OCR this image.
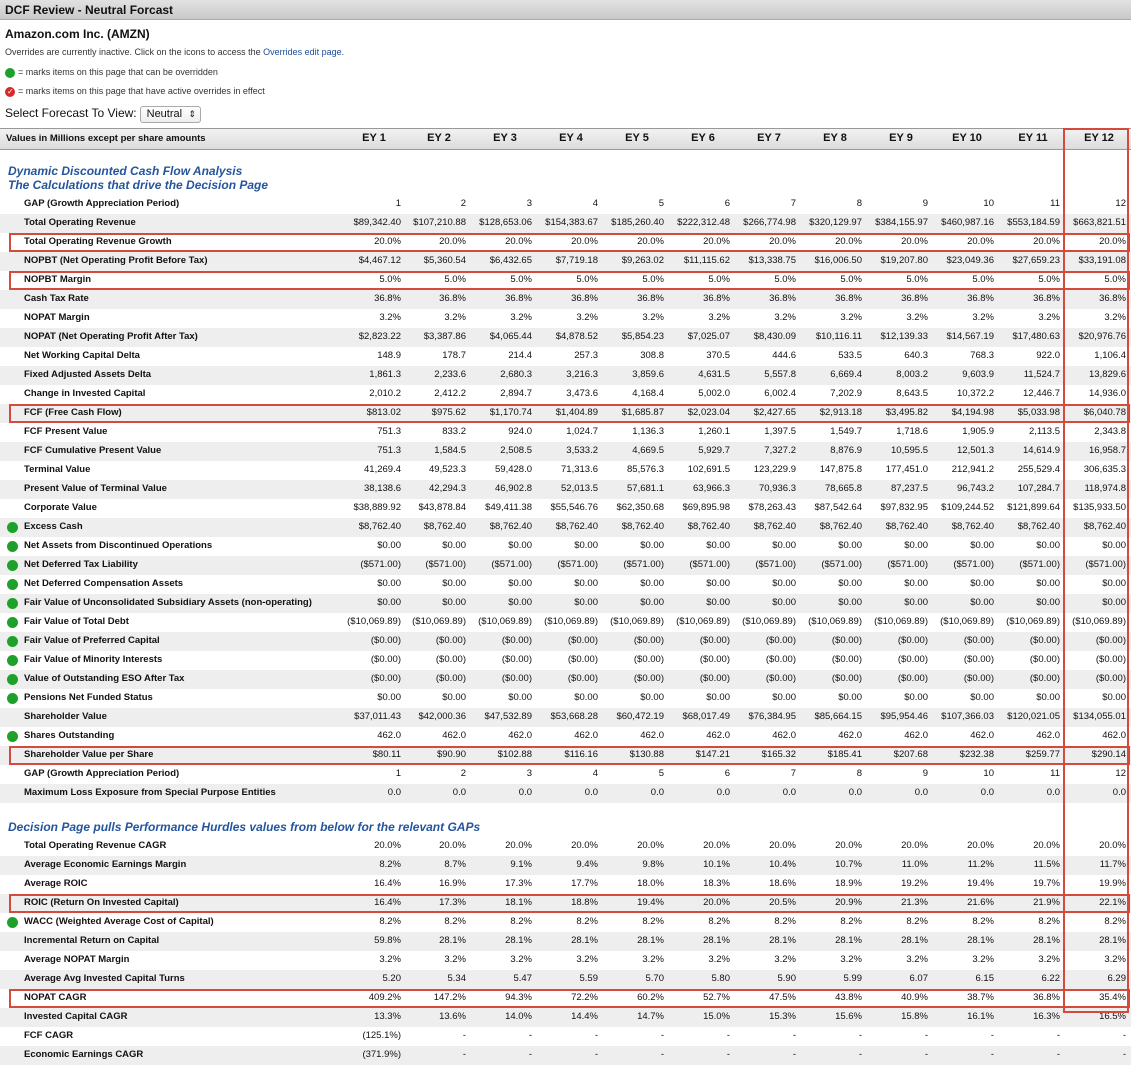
DCF Review - Neutral Forcast
Amazon.com Inc. (AMZN)
Overrides are currently inactive. Click on the icons to access the Overrides edit page.
= marks items on this page that can be overridden
✓= marks items on this page that have active overrides in effect
Select Forecast To View: Neutral ⇕
Values in Millions except per share amounts	EY 1	EY 2	EY 3	EY 4	EY 5	EY 6	EY 7	EY 8	EY 9	EY 10	EY 11	EY 12
Dynamic Discounted Cash Flow Analysis
The Calculations that drive the Decision Page
GAP (Growth Appreciation Period)	1	2	3	4	5	6	7	8	9	10	11	12
Total Operating Revenue	$89,342.40	$107,210.88	$128,653.06	$154,383.67	$185,260.40	$222,312.48	$266,774.98	$320,129.97	$384,155.97	$460,987.16	$553,184.59	$663,821.51
Total Operating Revenue Growth	20.0%	20.0%	20.0%	20.0%	20.0%	20.0%	20.0%	20.0%	20.0%	20.0%	20.0%	20.0%
NOPBT (Net Operating Profit Before Tax)	$4,467.12	$5,360.54	$6,432.65	$7,719.18	$9,263.02	$11,115.62	$13,338.75	$16,006.50	$19,207.80	$23,049.36	$27,659.23	$33,191.08
NOPBT Margin	5.0%	5.0%	5.0%	5.0%	5.0%	5.0%	5.0%	5.0%	5.0%	5.0%	5.0%	5.0%
Cash Tax Rate	36.8%	36.8%	36.8%	36.8%	36.8%	36.8%	36.8%	36.8%	36.8%	36.8%	36.8%	36.8%
NOPAT Margin	3.2%	3.2%	3.2%	3.2%	3.2%	3.2%	3.2%	3.2%	3.2%	3.2%	3.2%	3.2%
NOPAT (Net Operating Profit After Tax)	$2,823.22	$3,387.86	$4,065.44	$4,878.52	$5,854.23	$7,025.07	$8,430.09	$10,116.11	$12,139.33	$14,567.19	$17,480.63	$20,976.76
Net Working Capital Delta	148.9	178.7	214.4	257.3	308.8	370.5	444.6	533.5	640.3	768.3	922.0	1,106.4
Fixed Adjusted Assets Delta	1,861.3	2,233.6	2,680.3	3,216.3	3,859.6	4,631.5	5,557.8	6,669.4	8,003.2	9,603.9	11,524.7	13,829.6
Change in Invested Capital	2,010.2	2,412.2	2,894.7	3,473.6	4,168.4	5,002.0	6,002.4	7,202.9	8,643.5	10,372.2	12,446.7	14,936.0
FCF (Free Cash Flow)	$813.02	$975.62	$1,170.74	$1,404.89	$1,685.87	$2,023.04	$2,427.65	$2,913.18	$3,495.82	$4,194.98	$5,033.98	$6,040.78
FCF Present Value	751.3	833.2	924.0	1,024.7	1,136.3	1,260.1	1,397.5	1,549.7	1,718.6	1,905.9	2,113.5	2,343.8
FCF Cumulative Present Value	751.3	1,584.5	2,508.5	3,533.2	4,669.5	5,929.7	7,327.2	8,876.9	10,595.5	12,501.3	14,614.9	16,958.7
Terminal Value	41,269.4	49,523.3	59,428.0	71,313.6	85,576.3	102,691.5	123,229.9	147,875.8	177,451.0	212,941.2	255,529.4	306,635.3
Present Value of Terminal Value	38,138.6	42,294.3	46,902.8	52,013.5	57,681.1	63,966.3	70,936.3	78,665.8	87,237.5	96,743.2	107,284.7	118,974.8
Corporate Value	$38,889.92	$43,878.84	$49,411.38	$55,546.76	$62,350.68	$69,895.98	$78,263.43	$87,542.64	$97,832.95	$109,244.52	$121,899.64	$135,933.50
Excess Cash	$8,762.40	$8,762.40	$8,762.40	$8,762.40	$8,762.40	$8,762.40	$8,762.40	$8,762.40	$8,762.40	$8,762.40	$8,762.40	$8,762.40
Net Assets from Discontinued Operations	$0.00	$0.00	$0.00	$0.00	$0.00	$0.00	$0.00	$0.00	$0.00	$0.00	$0.00	$0.00
Net Deferred Tax Liability	($571.00)	($571.00)	($571.00)	($571.00)	($571.00)	($571.00)	($571.00)	($571.00)	($571.00)	($571.00)	($571.00)	($571.00)
Net Deferred Compensation Assets	$0.00	$0.00	$0.00	$0.00	$0.00	$0.00	$0.00	$0.00	$0.00	$0.00	$0.00	$0.00
Fair Value of Unconsolidated Subsidiary Assets (non-operating)	$0.00	$0.00	$0.00	$0.00	$0.00	$0.00	$0.00	$0.00	$0.00	$0.00	$0.00	$0.00
Fair Value of Total Debt	($10,069.89)	($10,069.89)	($10,069.89)	($10,069.89)	($10,069.89)	($10,069.89)	($10,069.89)	($10,069.89)	($10,069.89)	($10,069.89)	($10,069.89)	($10,069.89)
Fair Value of Preferred Capital	($0.00)	($0.00)	($0.00)	($0.00)	($0.00)	($0.00)	($0.00)	($0.00)	($0.00)	($0.00)	($0.00)	($0.00)
Fair Value of Minority Interests	($0.00)	($0.00)	($0.00)	($0.00)	($0.00)	($0.00)	($0.00)	($0.00)	($0.00)	($0.00)	($0.00)	($0.00)
Value of Outstanding ESO After Tax	($0.00)	($0.00)	($0.00)	($0.00)	($0.00)	($0.00)	($0.00)	($0.00)	($0.00)	($0.00)	($0.00)	($0.00)
Pensions Net Funded Status	$0.00	$0.00	$0.00	$0.00	$0.00	$0.00	$0.00	$0.00	$0.00	$0.00	$0.00	$0.00
Shareholder Value	$37,011.43	$42,000.36	$47,532.89	$53,668.28	$60,472.19	$68,017.49	$76,384.95	$85,664.15	$95,954.46	$107,366.03	$120,021.05	$134,055.01
Shares Outstanding	462.0	462.0	462.0	462.0	462.0	462.0	462.0	462.0	462.0	462.0	462.0	462.0
Shareholder Value per Share	$80.11	$90.90	$102.88	$116.16	$130.88	$147.21	$165.32	$185.41	$207.68	$232.38	$259.77	$290.14
GAP (Growth Appreciation Period)	1	2	3	4	5	6	7	8	9	10	11	12
Maximum Loss Exposure from Special Purpose Entities	0.0	0.0	0.0	0.0	0.0	0.0	0.0	0.0	0.0	0.0	0.0	0.0
Decision Page pulls Performance Hurdles values from below for the relevant GAPs
Total Operating Revenue CAGR	20.0%	20.0%	20.0%	20.0%	20.0%	20.0%	20.0%	20.0%	20.0%	20.0%	20.0%	20.0%
Average Economic Earnings Margin	8.2%	8.7%	9.1%	9.4%	9.8%	10.1%	10.4%	10.7%	11.0%	11.2%	11.5%	11.7%
Average ROIC	16.4%	16.9%	17.3%	17.7%	18.0%	18.3%	18.6%	18.9%	19.2%	19.4%	19.7%	19.9%
ROIC (Return On Invested Capital)	16.4%	17.3%	18.1%	18.8%	19.4%	20.0%	20.5%	20.9%	21.3%	21.6%	21.9%	22.1%
WACC (Weighted Average Cost of Capital)	8.2%	8.2%	8.2%	8.2%	8.2%	8.2%	8.2%	8.2%	8.2%	8.2%	8.2%	8.2%
Incremental Return on Capital	59.8%	28.1%	28.1%	28.1%	28.1%	28.1%	28.1%	28.1%	28.1%	28.1%	28.1%	28.1%
Average NOPAT Margin	3.2%	3.2%	3.2%	3.2%	3.2%	3.2%	3.2%	3.2%	3.2%	3.2%	3.2%	3.2%
Average Avg Invested Capital Turns	5.20	5.34	5.47	5.59	5.70	5.80	5.90	5.99	6.07	6.15	6.22	6.29
NOPAT CAGR	409.2%	147.2%	94.3%	72.2%	60.2%	52.7%	47.5%	43.8%	40.9%	38.7%	36.8%	35.4%
Invested Capital CAGR	13.3%	13.6%	14.0%	14.4%	14.7%	15.0%	15.3%	15.6%	15.8%	16.1%	16.3%	16.5%
FCF CAGR	(125.1%)	-	-	-	-	-	-	-	-	-	-	-
Economic Earnings CAGR	(371.9%)	-	-	-	-	-	-	-	-	-	-	-
